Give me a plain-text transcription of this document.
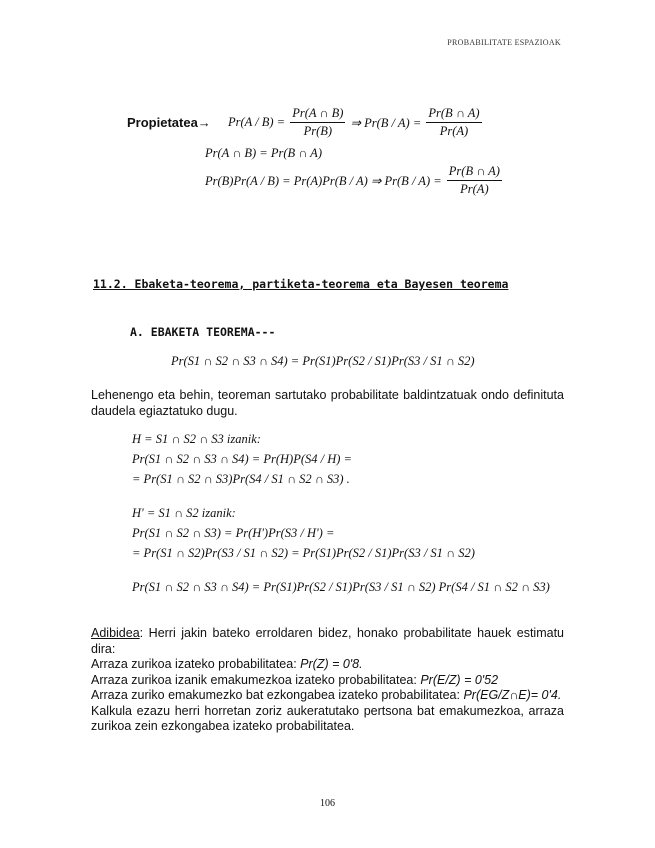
PROBABILITATE ESPAZIOAK
Propietatea→ $Pr(A / B) = \frac{Pr(A \cap B)}{Pr(B)}$ ⇒ $Pr(B / A) = \frac{Pr(B \cap A)}{Pr(A)}$
Pr(A ∩ B) = Pr(B ∩ A)
Pr(B)Pr(A / B) = Pr(A)Pr(B / A) ⇒ $Pr(B / A) = \frac{Pr(B \cap A)}{Pr(A)}$
11.2. Ebaketa-teorema, partiketa-teorema eta Bayesen teorema
A. EBAKETA TEOREMA---
Pr(S1 ∩ S2 ∩ S3 ∩ S4) = Pr(S1)Pr(S2 / S1)Pr(S3 / S1 ∩ S2)
Lehenengo eta behin, teoreman sartutako probabilitate baldintzatuak ondo definituta daudela egiaztatuko dugu.
H = S1 ∩ S2 ∩ S3 izanik:
Pr(S1 ∩ S2 ∩ S3 ∩ S4) = Pr(H)P(S4 / H) =
= Pr(S1 ∩ S2 ∩ S3)Pr(S4 / S1 ∩ S2 ∩ S3) .
H' = S1 ∩ S2 izanik:
Pr(S1 ∩ S2 ∩ S3) = Pr(H')Pr(S3 / H') =
= Pr(S1 ∩ S2)Pr(S3 / S1 ∩ S2) = Pr(S1)Pr(S2 / S1)Pr(S3 / S1 ∩ S2)
Pr(S1 ∩ S2 ∩ S3 ∩ S4) = Pr(S1)Pr(S2 / S1)Pr(S3 / S1 ∩ S2) Pr(S4 / S1 ∩ S2 ∩ S3)
Adibidea: Herri jakin bateko erroldaren bidez, honako probabilitate hauek estimatu dira:
Arraza zurikoa izateko probabilitatea: Pr(Z) = 0'8.
Arraza zurikoa izanik emakumezkoa izateko probabilitatea: Pr(E/Z) = 0'52
Arraza zuriko emakumezko bat ezkongabea izateko probabilitatea: Pr(EG/Z∩E)= 0'4.
Kalkula ezazu herri horretan zoriz aukeratutako pertsona bat emakumezkoa, arraza zurikoa zein ezkongabea izateko probabilitatea.
106
